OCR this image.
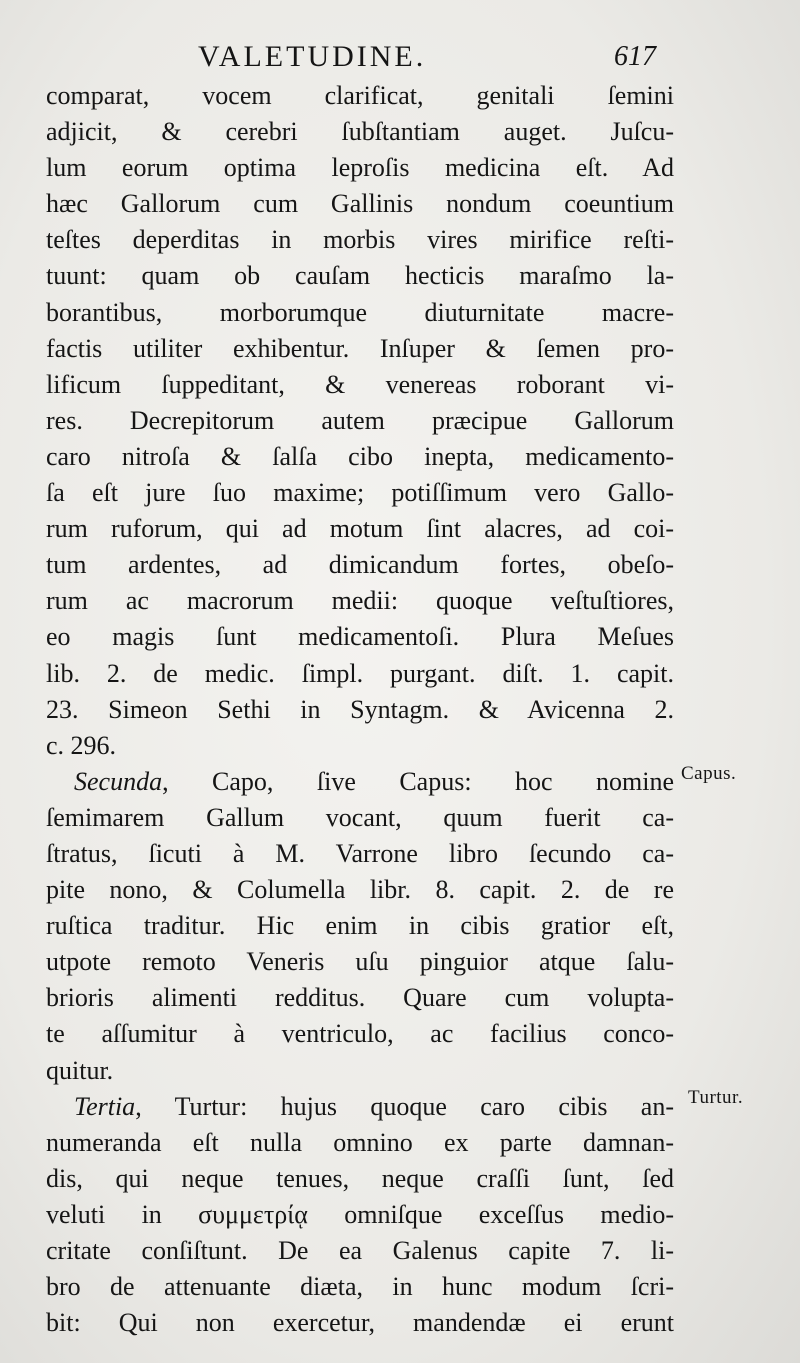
VALETUDINE.	617
comparat, vocem clarificat, genitali ſemini
adjicit, & cerebri ſubſtantiam auget. Juſcu-
lum eorum optima leproſis medicina eſt. Ad
hæc Gallorum cum Gallinis nondum coeuntium
teſtes deperditas in morbis vires mirifice reſti-
tuunt: quam ob cauſam hecticis maraſmo la-
borantibus, morborumque diuturnitate macre-
factis utiliter exhibentur. Inſuper & ſemen pro-
lificum ſuppeditant, & venereas roborant vi-
res. Decrepitorum autem præcipue Gallorum
caro nitroſa & ſalſa cibo inepta, medicamento-
ſa eſt jure ſuo maxime; potiſſimum vero Gallo-
rum ruforum, qui ad motum ſint alacres, ad coi-
tum ardentes, ad dimicandum fortes, obeſo-
rum ac macrorum medii: quoque veſtuſtiores,
eo magis ſunt medicamentoſi. Plura Meſues
lib. 2. de medic. ſimpl. purgant. diſt. 1. capit.
23. Simeon Sethi in Syntagm. & Avicenna 2.
c. 296.
Secunda, Capo, ſive Capus: hoc nomine
ſemimarem Gallum vocant, quum fuerit ca-
ſtratus, ſicuti à M. Varrone libro ſecundo ca-
pite nono, & Columella libr. 8. capit. 2. de re
ruſtica traditur. Hic enim in cibis gratior eſt,
utpote remoto Veneris uſu pinguior atque ſalu-
brioris alimenti redditus. Quare cum volupta-
te aſſumitur à ventriculo, ac facilius conco-
quitur.
Tertia, Turtur: hujus quoque caro cibis an-
numeranda eſt nulla omnino ex parte damnan-
dis, qui neque tenues, neque craſſi ſunt, ſed
veluti in συμμετρίᾳ omniſque exceſſus medio-
critate conſiſtunt. De ea Galenus capite 7. li-
bro de attenuante diæta, in hunc modum ſcri-
bit: Qui non exercetur, mandendæ ei erunt
Capus.
Turtur.
